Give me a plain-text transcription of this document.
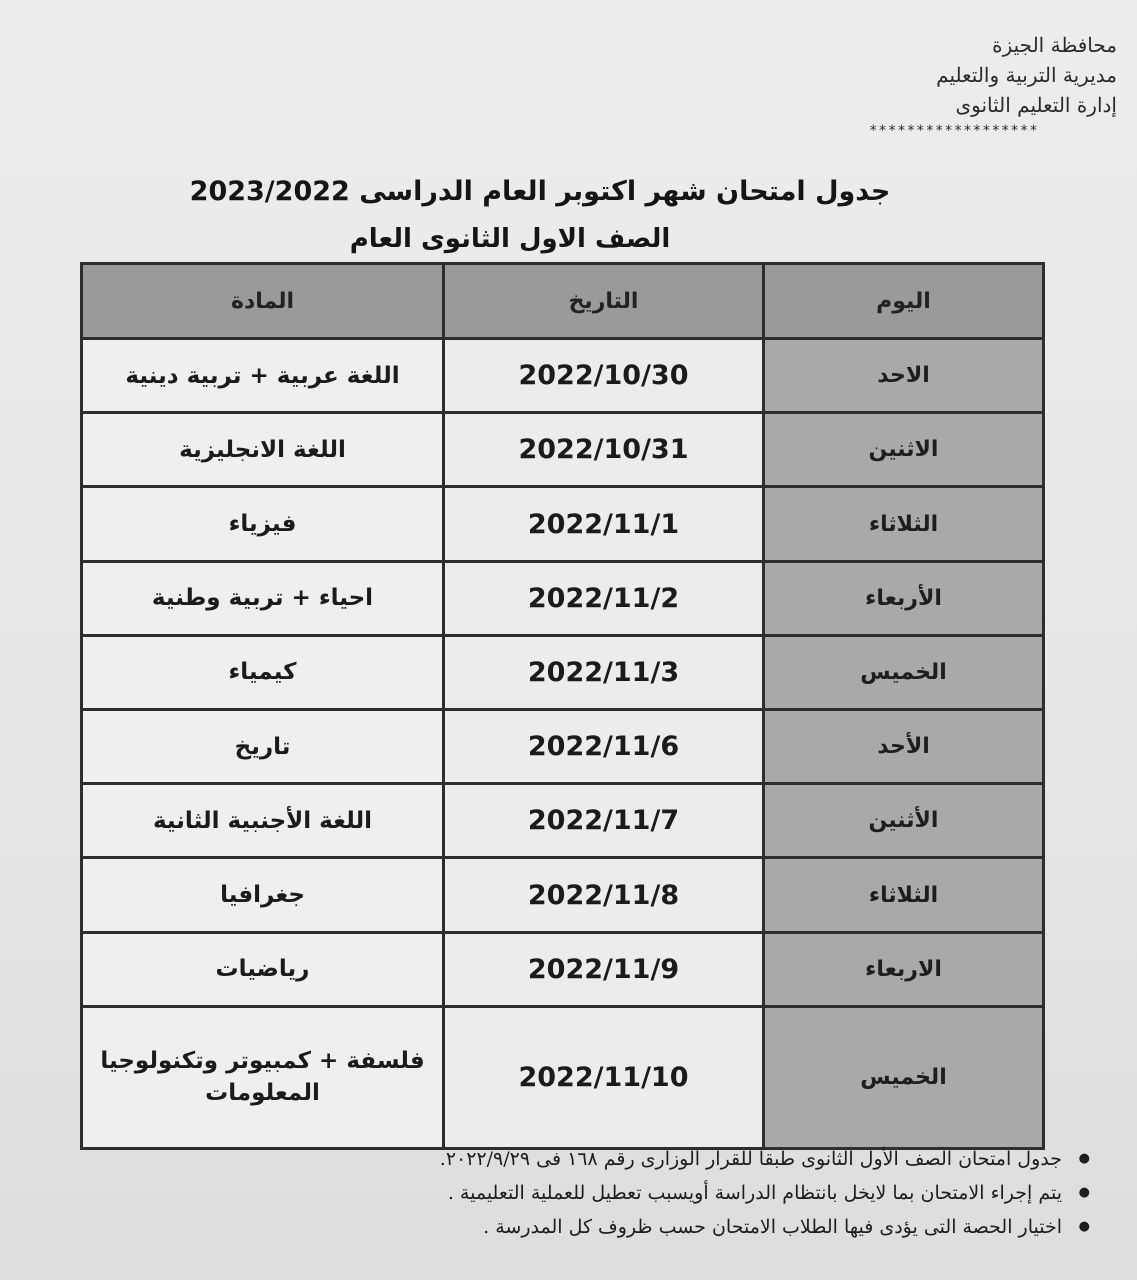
محافظة الجيزة
مديرية التربية والتعليم
إدارة التعليم الثانوى
******************
جدول امتحان شهر اكتوبر العام الدراسى 2023/2022
الصف الاول الثانوى العام
اليوم	التاريخ	المادة
الاحد	2022/10/30	اللغة عربية + تربية دينية
الاثنين	2022/10/31	اللغة الانجليزية
الثلاثاء	2022/11/1	فيزياء
الأربعاء	2022/11/2	احياء + تربية وطنية
الخميس	2022/11/3	كيمياء
الأحد	2022/11/6	تاريخ
الأثنين	2022/11/7	اللغة الأجنبية الثانية
الثلاثاء	2022/11/8	جغرافيا
الاربعاء	2022/11/9	رياضيات
الخميس	2022/11/10	فلسفة + كمبيوتر وتكنولوجيا المعلومات
● جدول امتحان الصف الأول الثانوى طبقا للقرار الوزارى رقم ١٦٨ فى ٢٠٢٢/٩/٢٩.
● يتم إجراء الامتحان بما لايخل بانتظام الدراسة أويسبب تعطيل للعملية التعليمية .
● اختيار الحصة التى يؤدى فيها الطلاب الامتحان حسب ظروف كل المدرسة .
